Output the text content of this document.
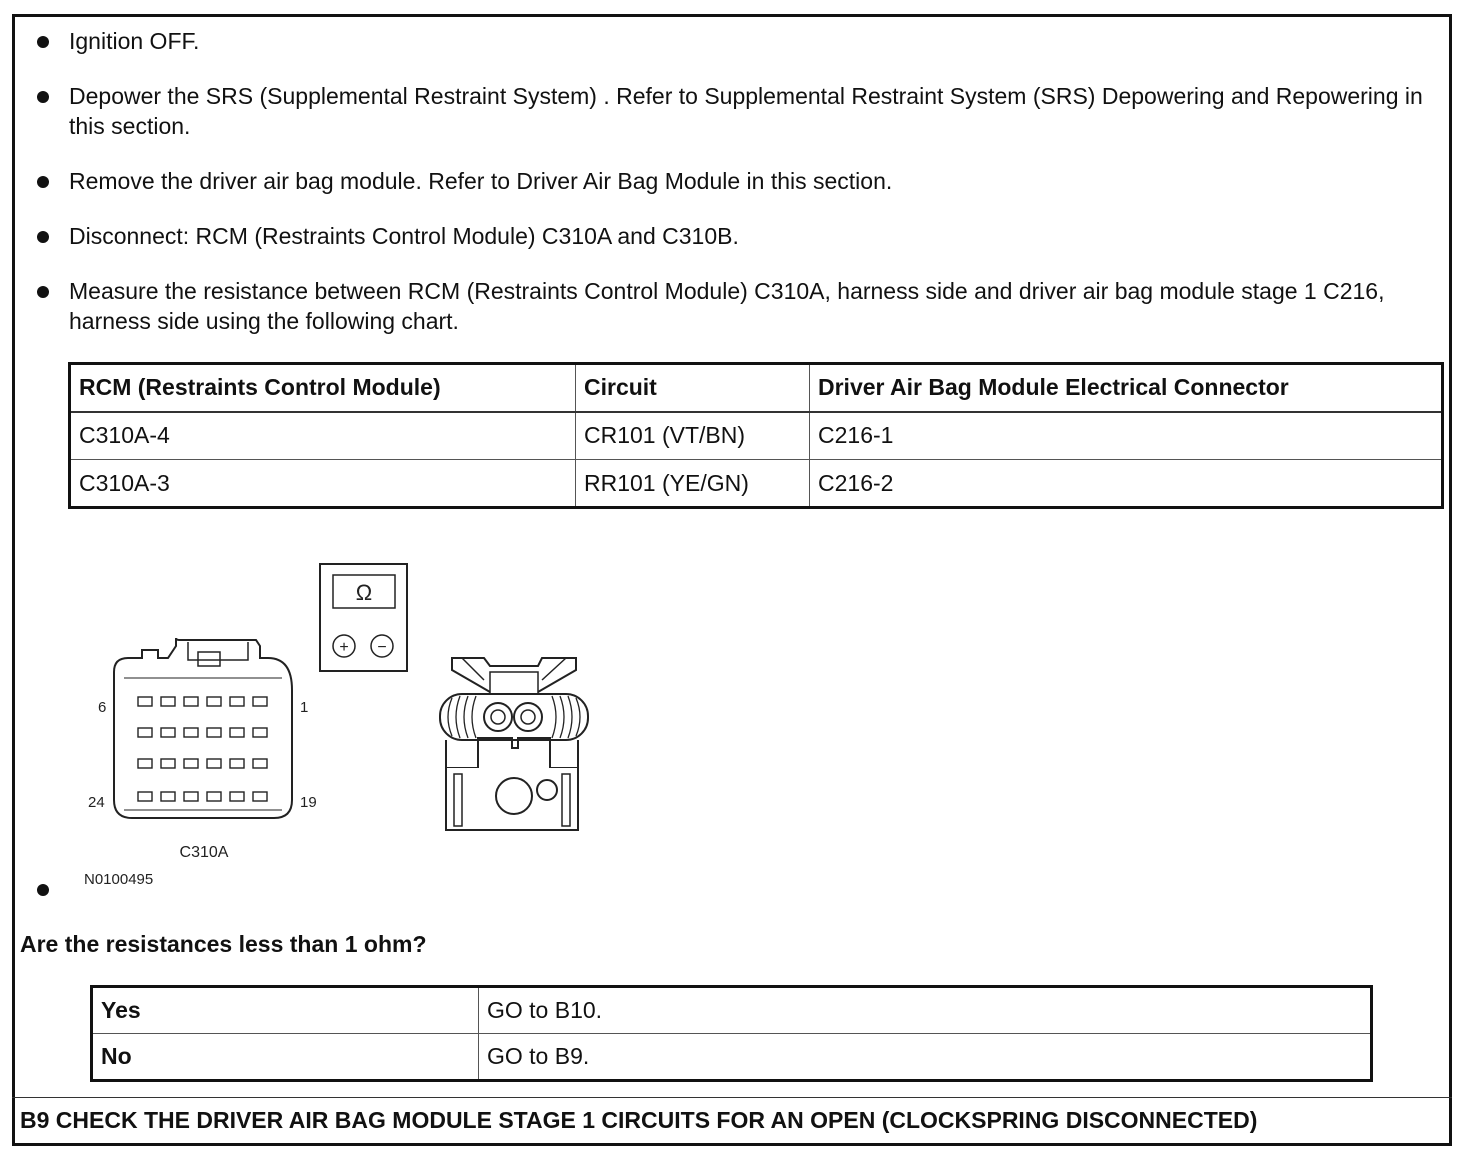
Ignition OFF.
Depower the SRS (Supplemental Restraint System) . Refer to Supplemental Restraint System (SRS) Depowering and Repowering in this section.
Remove the driver air bag module. Refer to Driver Air Bag Module in this section.
Disconnect: RCM (Restraints Control Module) C310A and C310B.
Measure the resistance between RCM (Restraints Control Module) C310A, harness side and driver air bag module stage 1 C216, harness side using the following chart.
RCM (Restraints Control Module)	Circuit	Driver Air Bag Module Electrical Connector
C310A-4	CR101 (VT/BN)	C216-1
C310A-3	RR101 (YE/GN)	C216-2
Ω
+ −
6	1
24	19
C310A
N0100495
Are the resistances less than 1 ohm?
Yes	GO to B10.
No	GO to B9.
B9 CHECK THE DRIVER AIR BAG MODULE STAGE 1 CIRCUITS FOR AN OPEN (CLOCKSPRING DISCONNECTED)
